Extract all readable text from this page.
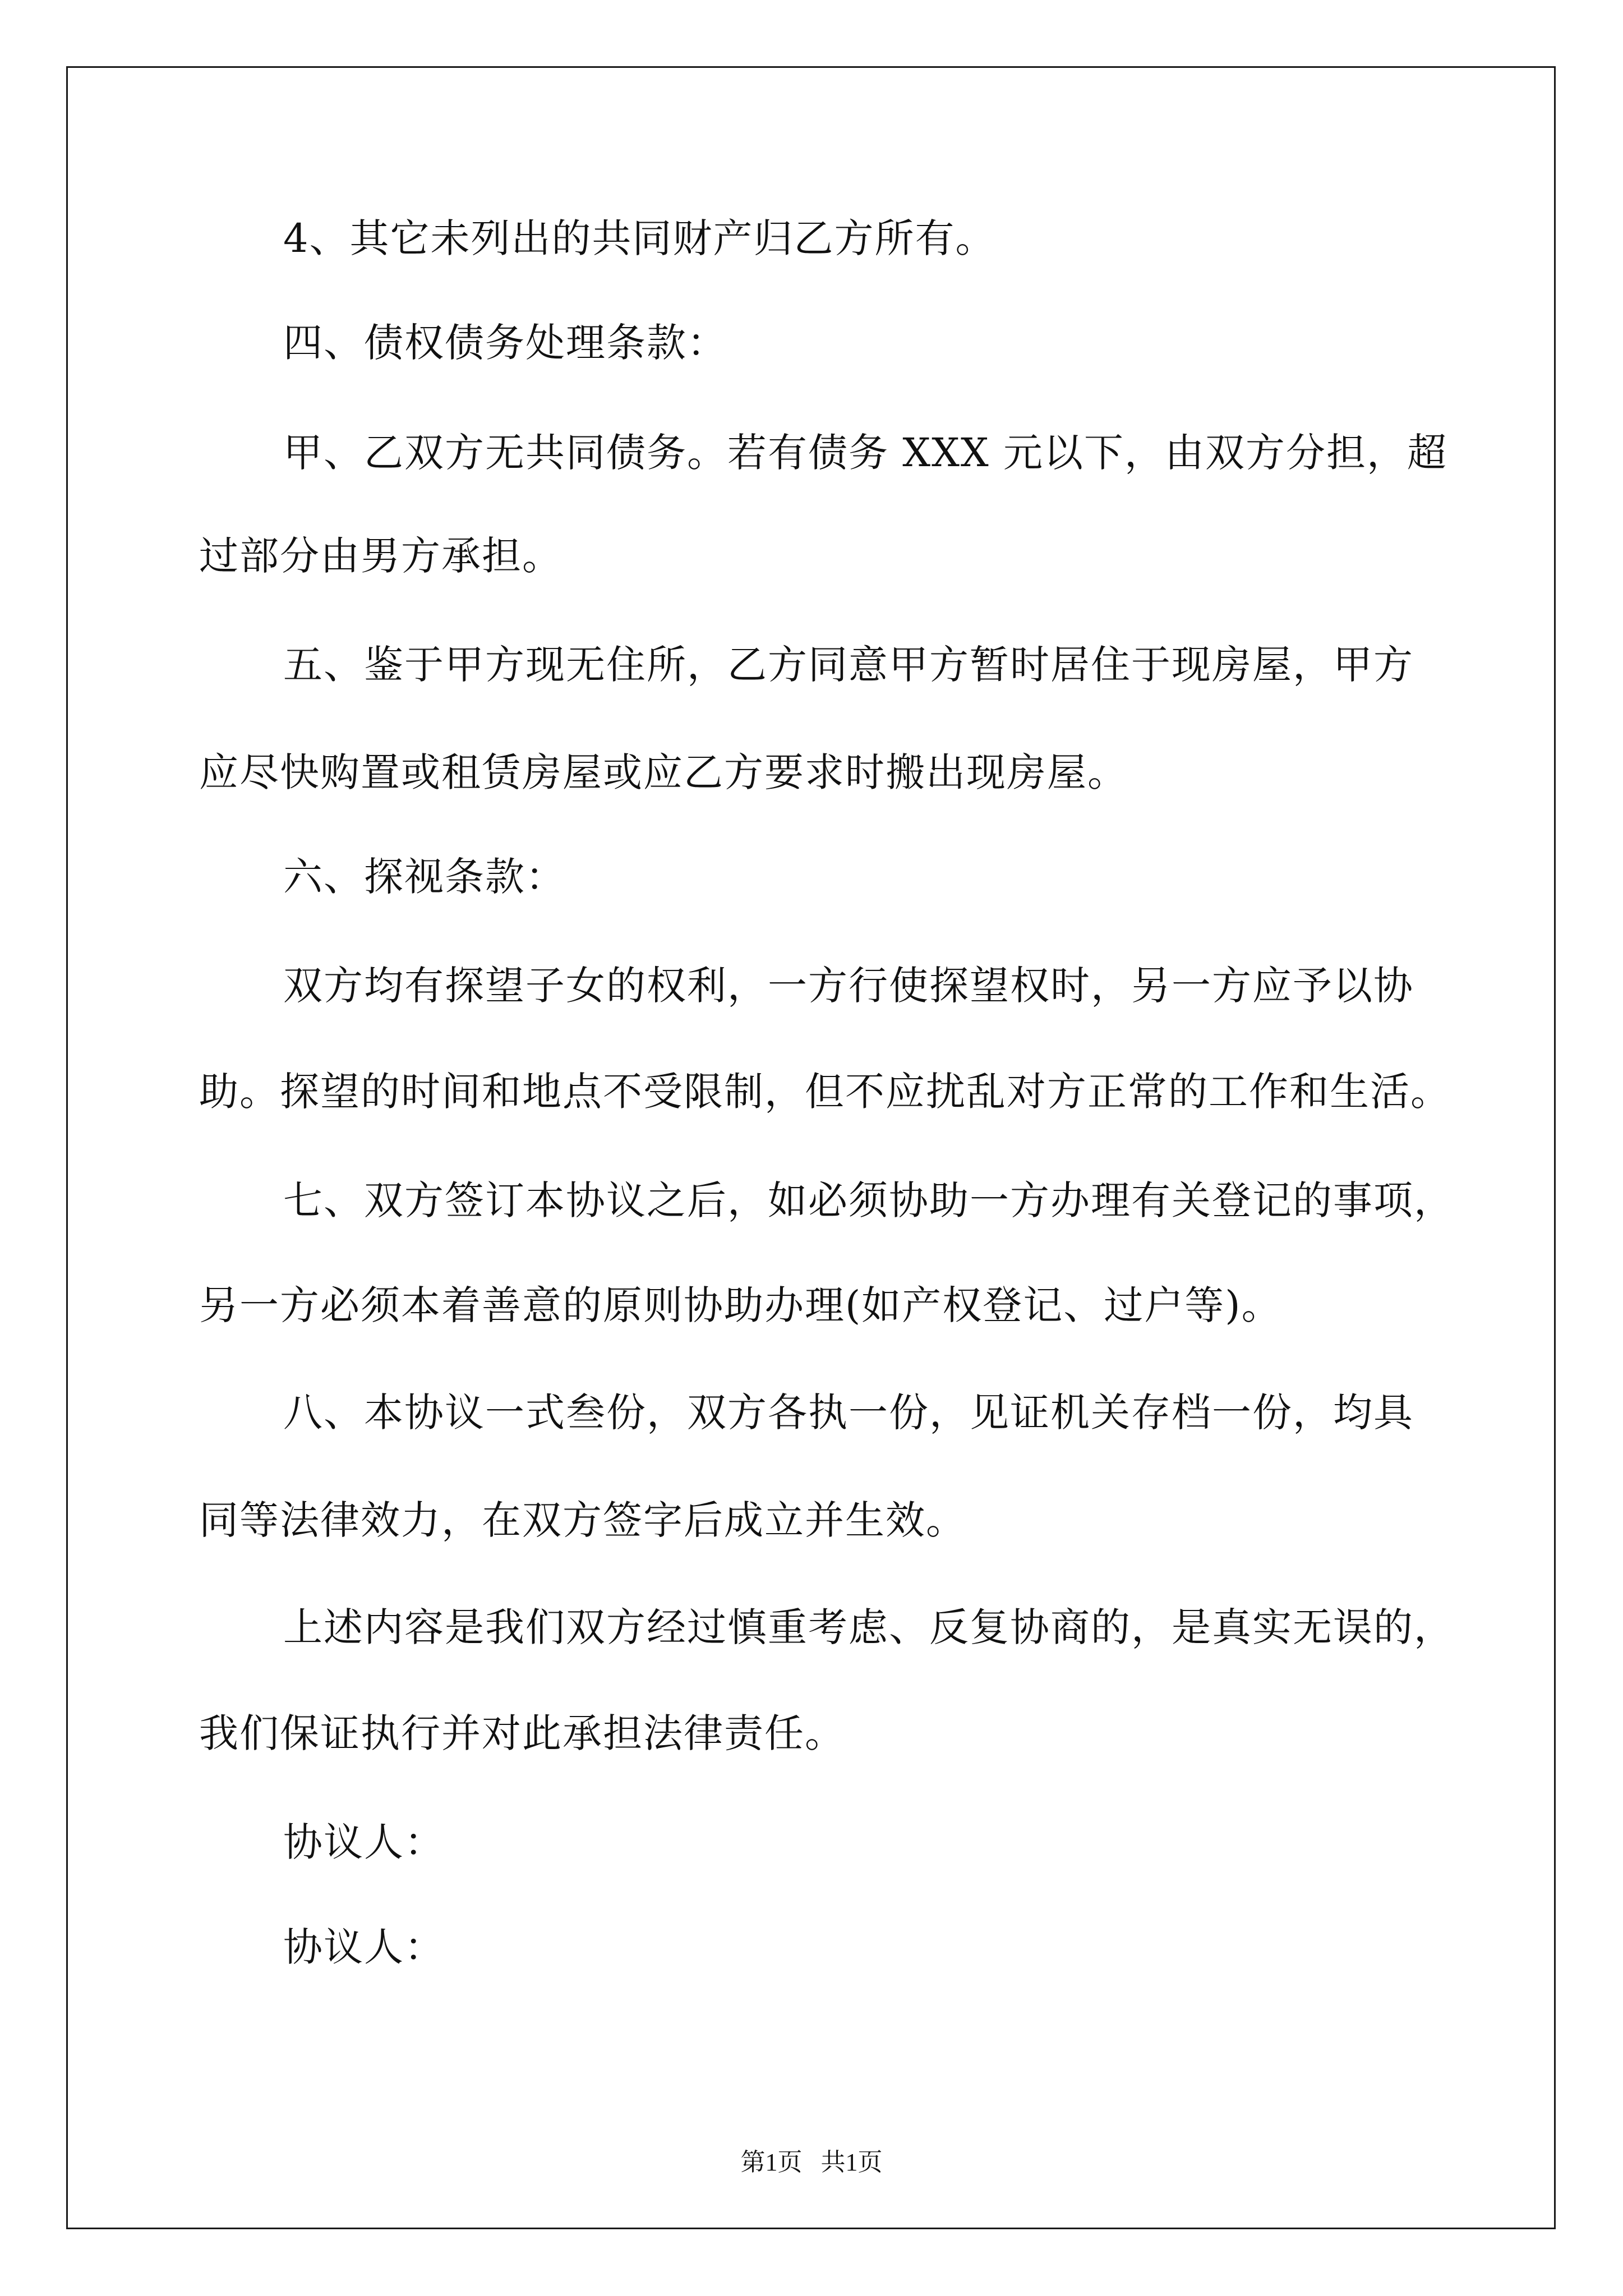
4、其它未列出的共同财产归乙方所有。
四、债权债务处理条款：
甲、乙双方无共同债务。若有债务 XXX 元以下，由双方分担，超
过部分由男方承担。
五、鉴于甲方现无住所，乙方同意甲方暂时居住于现房屋，甲方
应尽快购置或租赁房屋或应乙方要求时搬出现房屋。
六、探视条款：
双方均有探望子女的权利，一方行使探望权时，另一方应予以协
助。探望的时间和地点不受限制，但不应扰乱对方正常的工作和生活。
七、双方签订本协议之后，如必须协助一方办理有关登记的事项，
另一方必须本着善意的原则协助办理(如产权登记、过户等)。
八、本协议一式叁份，双方各执一份，见证机关存档一份，均具
同等法律效力，在双方签字后成立并生效。
上述内容是我们双方经过慎重考虑、反复协商的，是真实无误的，
我们保证执行并对此承担法律责任。
协议人：
协议人：
第1页   共1页
